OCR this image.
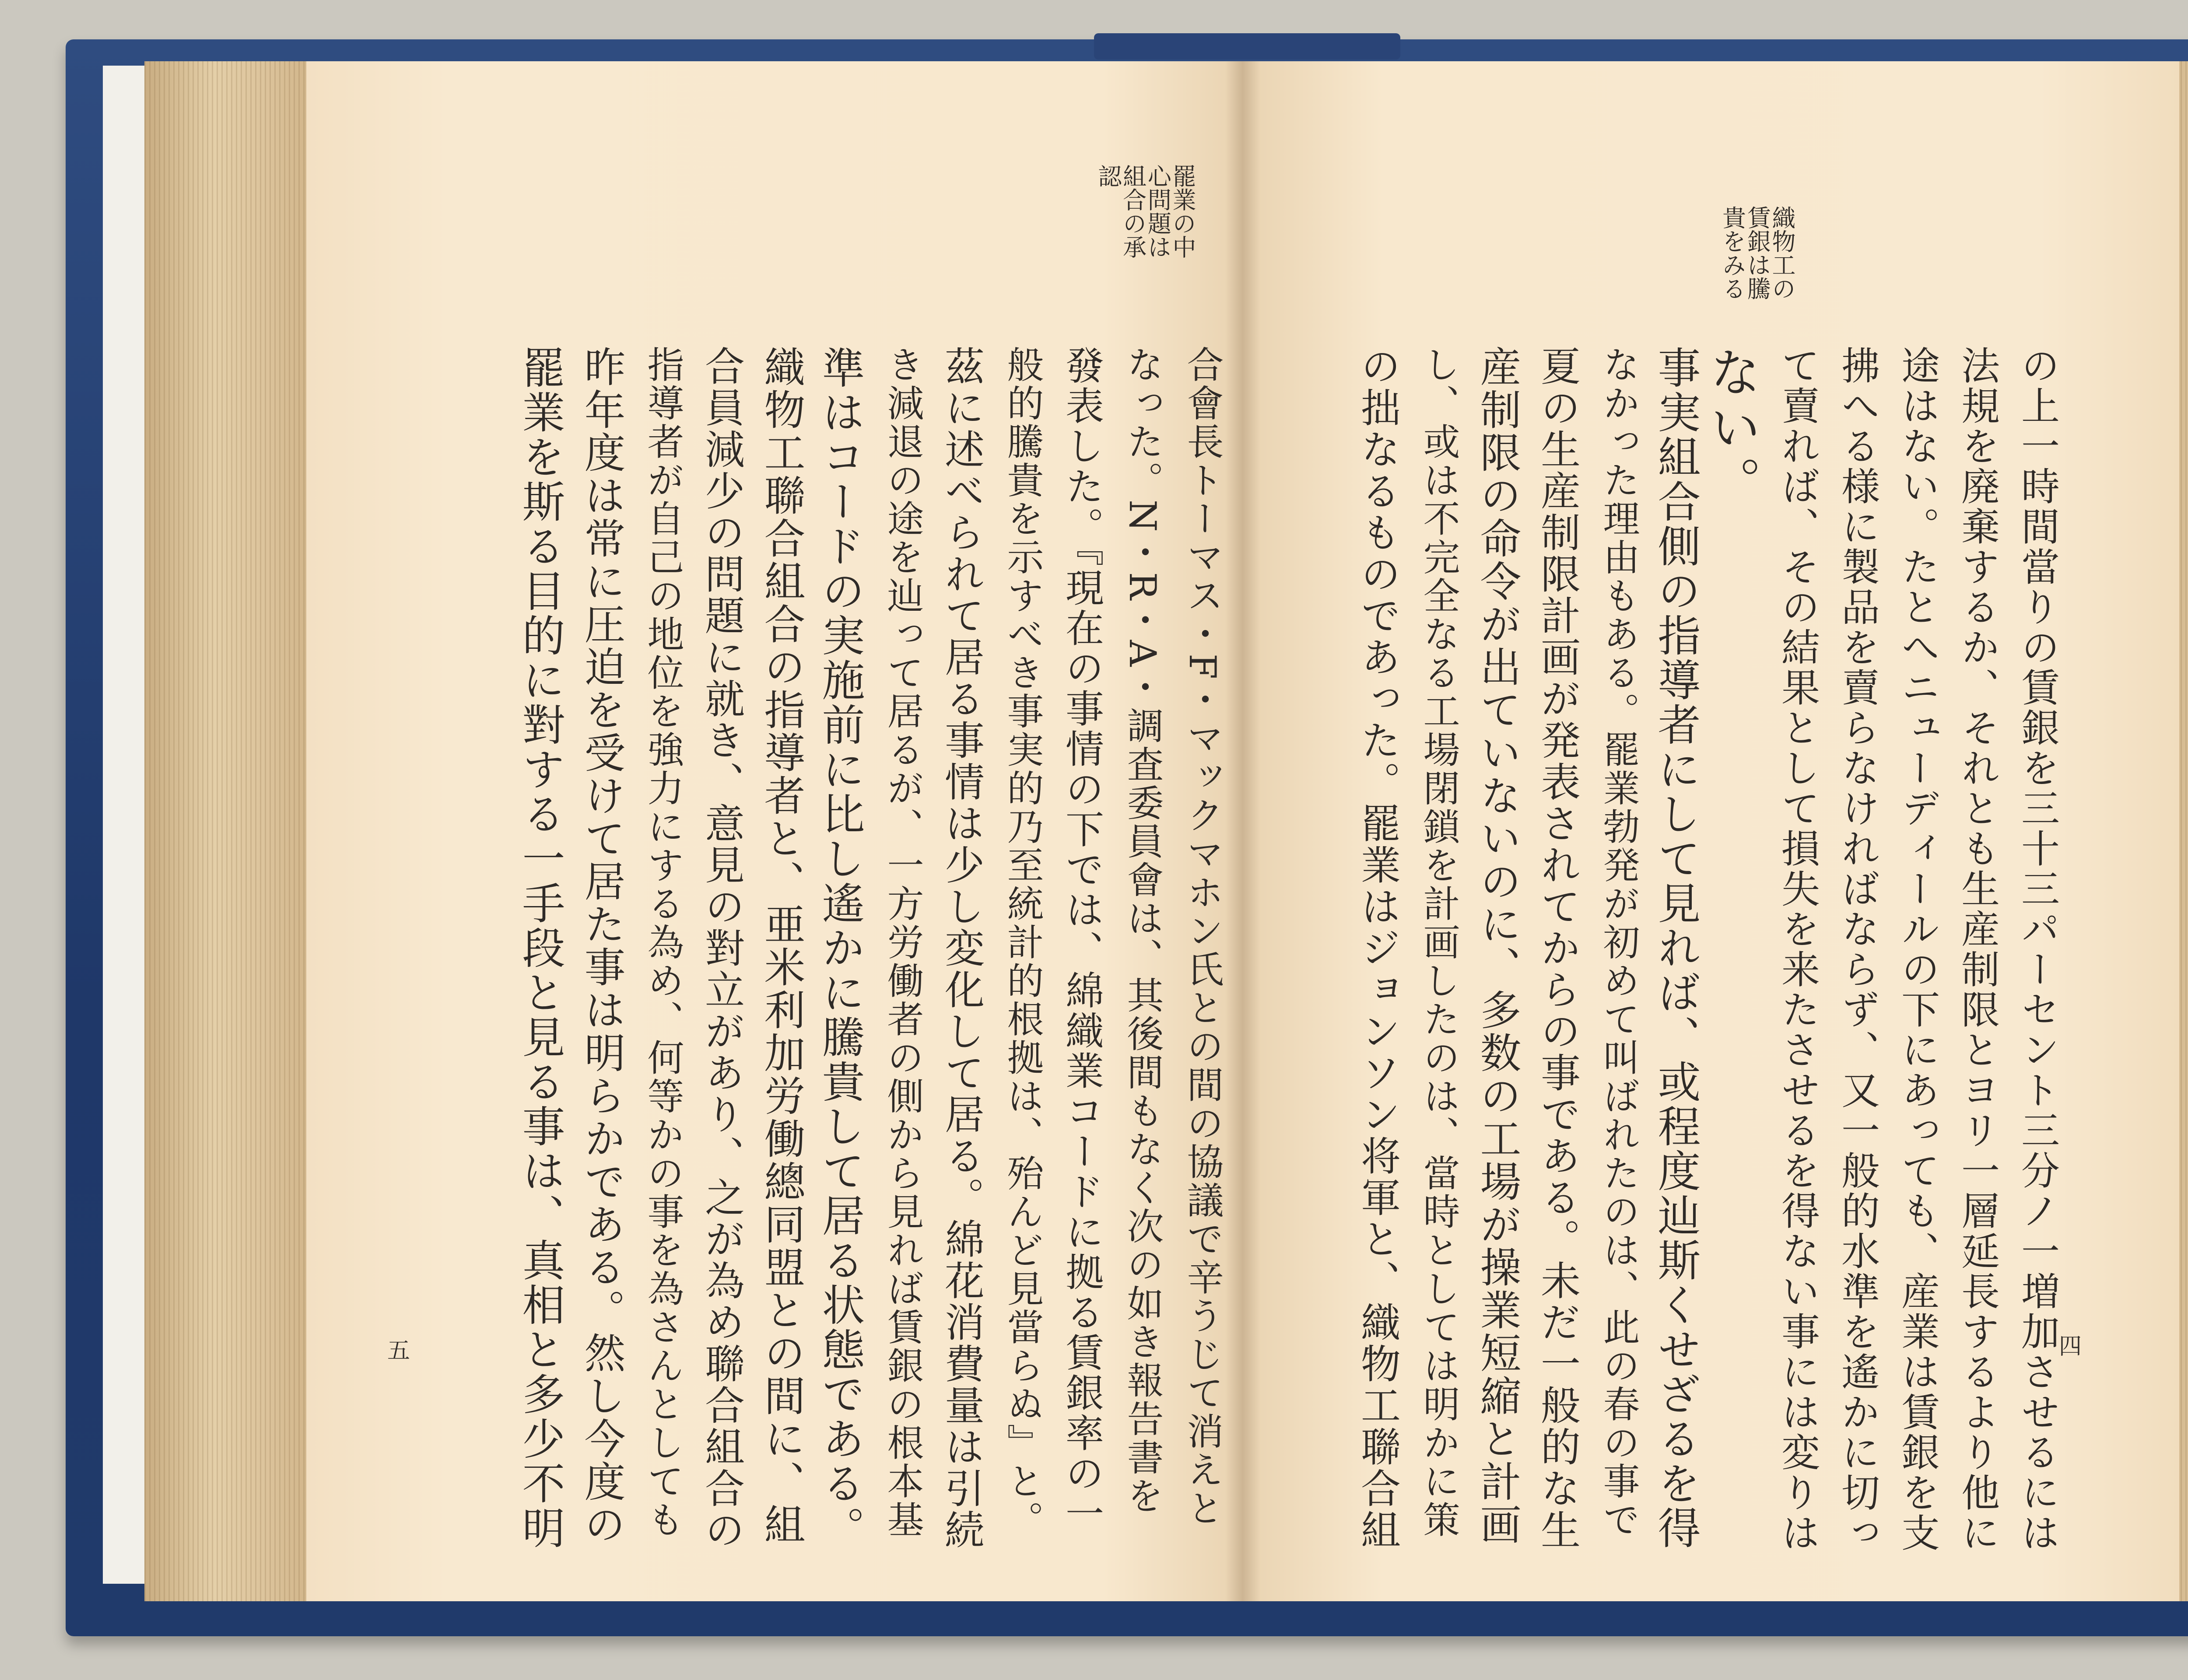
罷業の中
心問題は
組合の承
認
五	合會長トーマス・F・マックマホン氏との間の協議で辛うじて消えと
なった。N・R・A・調査委員會は、其後間もなく次の如き報告書を
發表した。『現在の事情の下では、綿織業コードに拠る賃銀率の一
般的騰貴を示すべき事実的乃至統計的根拠は、殆んど見當らぬ』と。
茲に述べられて居る事情は少し変化して居る。綿花消費量は引続
き減退の途を辿って居るが、一方労働者の側から見れば賃銀の根本基
準はコードの実施前に比し遙かに騰貴して居る状態である。
織物工聯合組合の指導者と、亜米利加労働總同盟との間に、組
合員減少の問題に就き、意見の對立があり、之が為め聯合組合の
指導者が自己の地位を強力にする為め、何等かの事を為さんとしても
昨年度は常に圧迫を受けて居た事は明らかである。然し今度の
罷業を斯る目的に對する一手段と見る事は、真相と多少不明
織物工の
賃銀は騰
貴をみる
四
の上一時間當りの賃銀を三十三パーセント三分ノ一増加させるには
法規を廃棄するか、それとも生産制限とヨリ一層延長するより他に
途はない。たとへニューディールの下にあっても、産業は賃銀を支
拂へる様に製品を賣らなければならず、又一般的水準を遙かに切っ
て賣れば、その結果として損失を来たさせるを得ない事には変りは
ない。
事実組合側の指導者にして見れば、或程度辿斯くせざるを得
なかった理由もある。罷業勃発が初めて叫ばれたのは、此の春の事で
夏の生産制限計画が発表されてからの事である。未だ一般的な生
産制限の命令が出ていないのに、多数の工場が操業短縮と計画
し、或は不完全なる工場閉鎖を計画したのは、當時としては明かに策
の拙なるものであった。罷業はジョンソン将軍と、織物工聯合組
